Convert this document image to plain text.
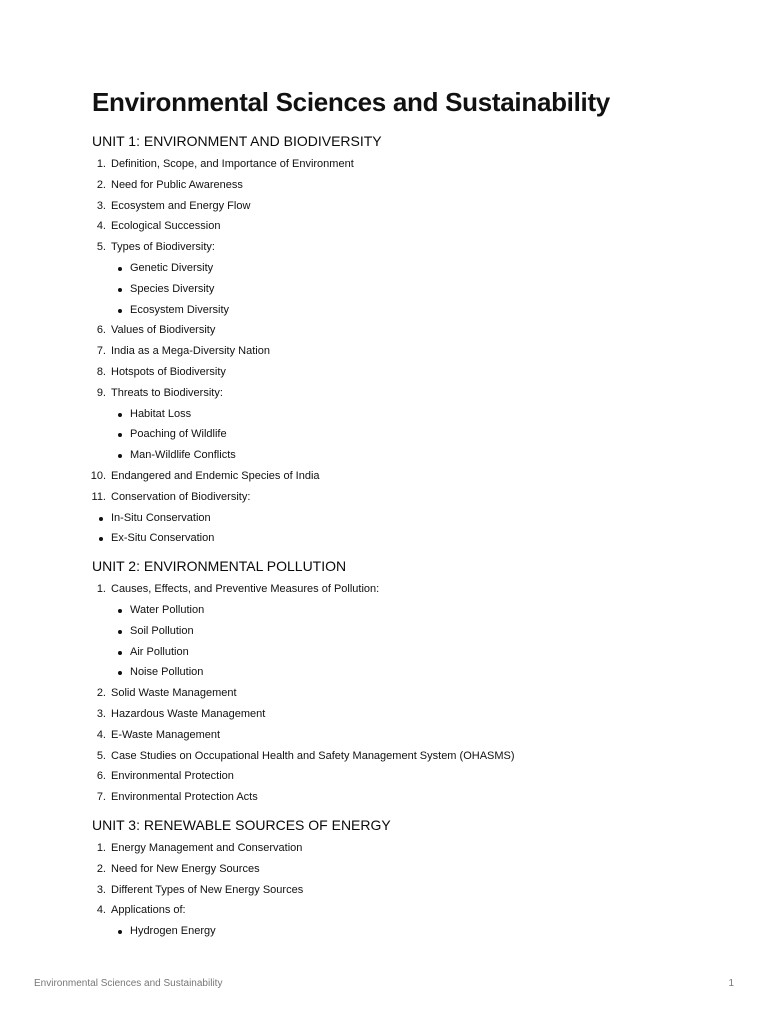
Environmental Sciences and Sustainability
UNIT 1: ENVIRONMENT AND BIODIVERSITY
1. Definition, Scope, and Importance of Environment
2. Need for Public Awareness
3. Ecosystem and Energy Flow
4. Ecological Succession
5. Types of Biodiversity:
Genetic Diversity
Species Diversity
Ecosystem Diversity
6. Values of Biodiversity
7. India as a Mega-Diversity Nation
8. Hotspots of Biodiversity
9. Threats to Biodiversity:
Habitat Loss
Poaching of Wildlife
Man-Wildlife Conflicts
10. Endangered and Endemic Species of India
11. Conservation of Biodiversity:
In-Situ Conservation
Ex-Situ Conservation
UNIT 2: ENVIRONMENTAL POLLUTION
1. Causes, Effects, and Preventive Measures of Pollution:
Water Pollution
Soil Pollution
Air Pollution
Noise Pollution
2. Solid Waste Management
3. Hazardous Waste Management
4. E-Waste Management
5. Case Studies on Occupational Health and Safety Management System (OHASMS)
6. Environmental Protection
7. Environmental Protection Acts
UNIT 3: RENEWABLE SOURCES OF ENERGY
1. Energy Management and Conservation
2. Need for New Energy Sources
3. Different Types of New Energy Sources
4. Applications of:
Hydrogen Energy
Environmental Sciences and Sustainability	1
